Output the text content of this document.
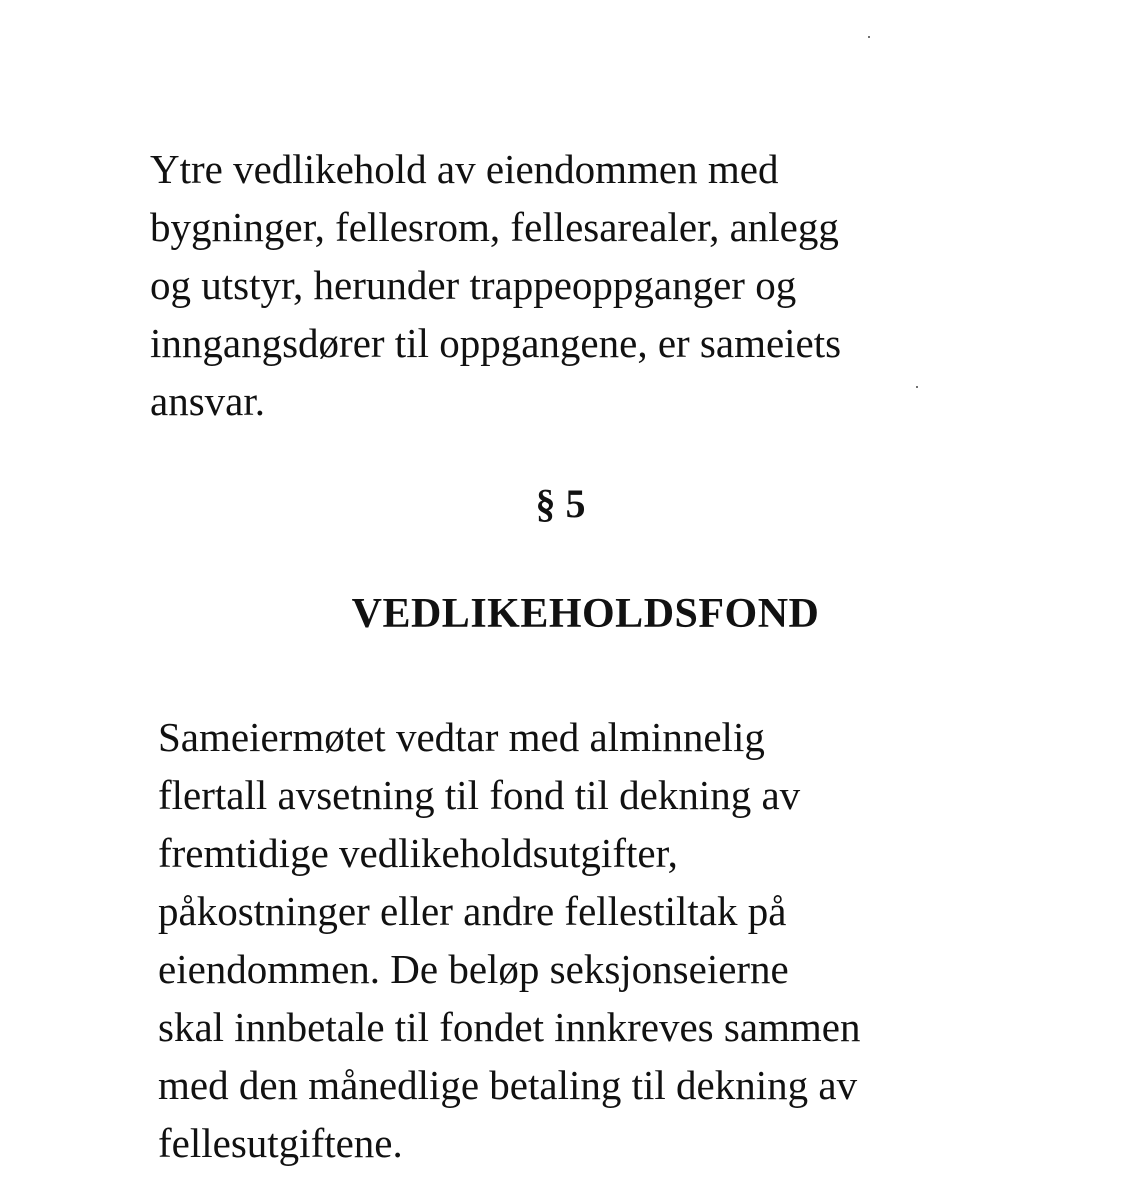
Ytre vedlikehold av eiendommen med
bygninger, fellesrom, fellesarealer, anlegg
og utstyr, herunder trappeoppganger og
inngangsdører til oppgangene, er sameiets
ansvar.

§ 5
VEDLIKEHOLDSFOND

Sameiermøtet vedtar med alminnelig
flertall avsetning til fond til dekning av
fremtidige vedlikeholdsutgifter,
påkostninger eller andre fellestiltak på
eiendommen. De beløp seksjonseierne
skal innbetale til fondet innkreves sammen
med den månedlige betaling til dekning av
fellesutgiftene.
